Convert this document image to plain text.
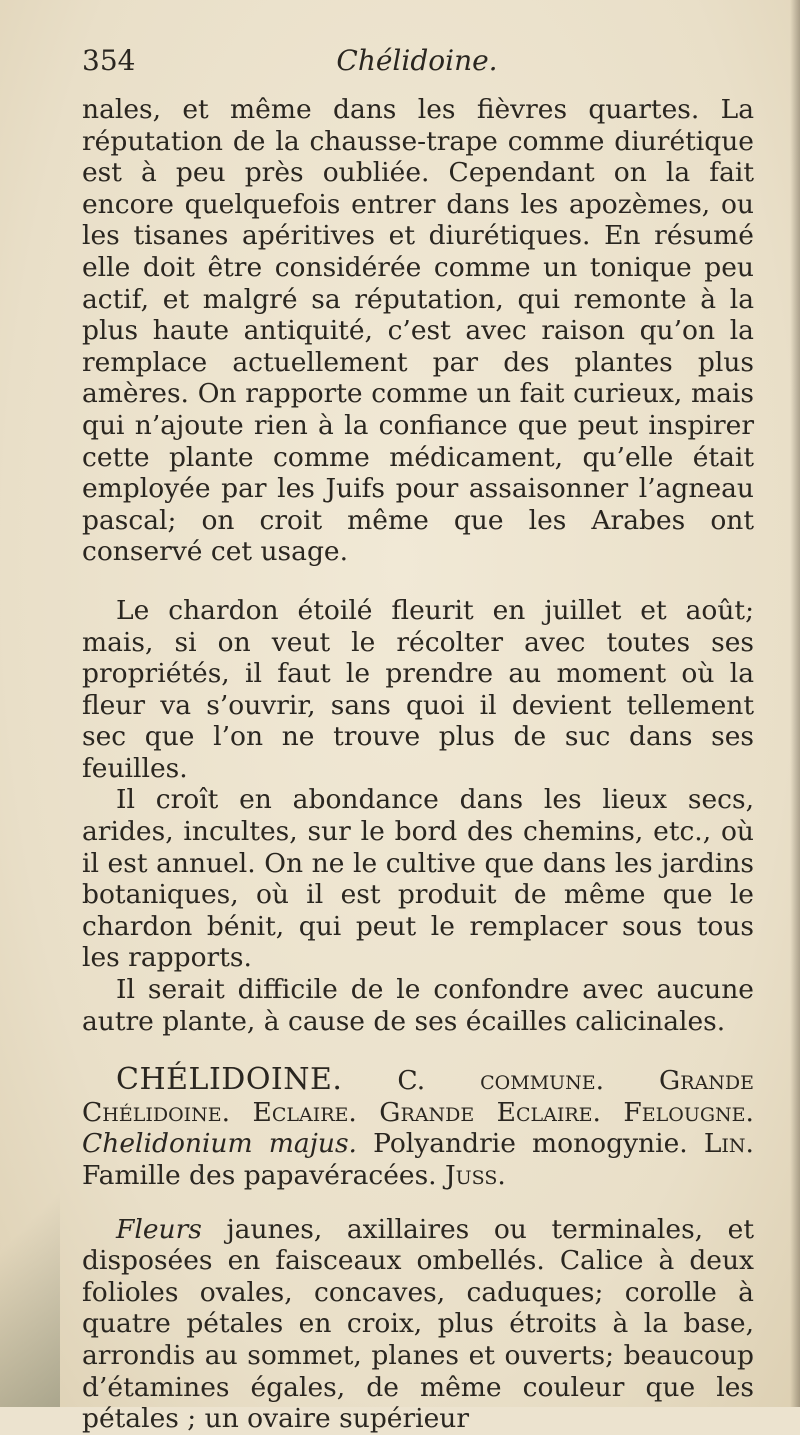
354	Chélidoine.

nales, et même dans les fièvres quartes. La réputation de la chausse-trape comme diurétique est à peu près oubliée. Cependant on la fait encore quelquefois entrer dans les apozèmes, ou les tisanes apéritives et diurétiques. En résumé elle doit être considérée comme un tonique peu actif, et malgré sa réputation, qui remonte à la plus haute antiquité, c’est avec raison qu’on la remplace actuellement par des plantes plus amères. On rapporte comme un fait curieux, mais qui n’ajoute rien à la confiance que peut inspirer cette plante comme médicament, qu’elle était employée par les Juifs pour assaisonner l’agneau pascal; on croit même que les Arabes ont conservé cet usage.

Le chardon étoilé fleurit en juillet et août; mais, si on veut le récolter avec toutes ses propriétés, il faut le prendre au moment où la fleur va s’ouvrir, sans quoi il devient tellement sec que l’on ne trouve plus de suc dans ses feuilles.

Il croît en abondance dans les lieux secs, arides, incultes, sur le bord des chemins, etc., où il est annuel. On ne le cultive que dans les jardins botaniques, où il est produit de même que le chardon bénit, qui peut le remplacer sous tous les rapports.

Il serait difficile de le confondre avec aucune autre plante, à cause de ses écailles calicinales.

CHÉLIDOINE. C. commune. Grande Chélidoine. Eclaire. Grande Eclaire. Felougne. Chelidonium majus. Polyandrie monogynie. Lin. Famille des papavéracées. Juss.

Fleurs jaunes, axillaires ou terminales, et disposées en faisceaux ombellés. Calice à deux folioles ovales, concaves, caduques; corolle à quatre pétales en croix, plus étroits à la base, arrondis au sommet, planes et ouverts; beaucoup d’étamines égales, de même couleur que les pétales ; un ovaire supérieur
